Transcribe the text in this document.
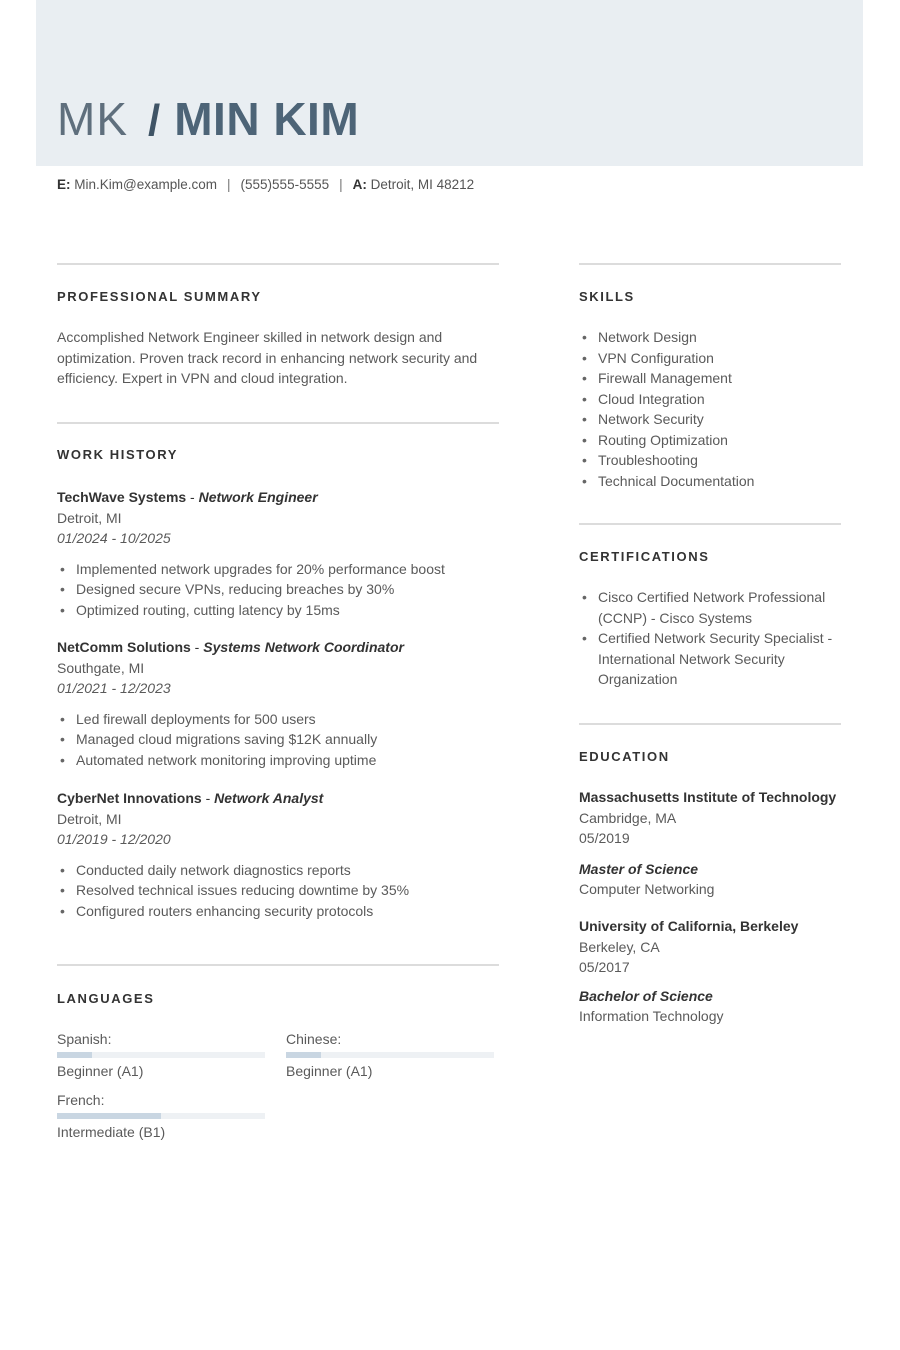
MK / MIN KIM
E: Min.Kim@example.com | (555)555-5555 | A: Detroit, MI 48212
PROFESSIONAL SUMMARY
Accomplished Network Engineer skilled in network design and
optimization. Proven track record in enhancing network security and
efficiency. Expert in VPN and cloud integration.
WORK HISTORY
TechWave Systems - Network Engineer
Detroit, MI
01/2024 - 10/2025
• Implemented network upgrades for 20% performance boost
• Designed secure VPNs, reducing breaches by 30%
• Optimized routing, cutting latency by 15ms
NetComm Solutions - Systems Network Coordinator
Southgate, MI
01/2021 - 12/2023
• Led firewall deployments for 500 users
• Managed cloud migrations saving $12K annually
• Automated network monitoring improving uptime
CyberNet Innovations - Network Analyst
Detroit, MI
01/2019 - 12/2020
• Conducted daily network diagnostics reports
• Resolved technical issues reducing downtime by 35%
• Configured routers enhancing security protocols
LANGUAGES
Spanish:
Beginner (A1)
Chinese:
Beginner (A1)
French:
Intermediate (B1)
SKILLS
• Network Design
• VPN Configuration
• Firewall Management
• Cloud Integration
• Network Security
• Routing Optimization
• Troubleshooting
• Technical Documentation
CERTIFICATIONS
• Cisco Certified Network Professional
(CCNP) - Cisco Systems
• Certified Network Security Specialist -
International Network Security
Organization
EDUCATION
Massachusetts Institute of Technology
Cambridge, MA
05/2019
Master of Science
Computer Networking
University of California, Berkeley
Berkeley, CA
05/2017
Bachelor of Science
Information Technology
